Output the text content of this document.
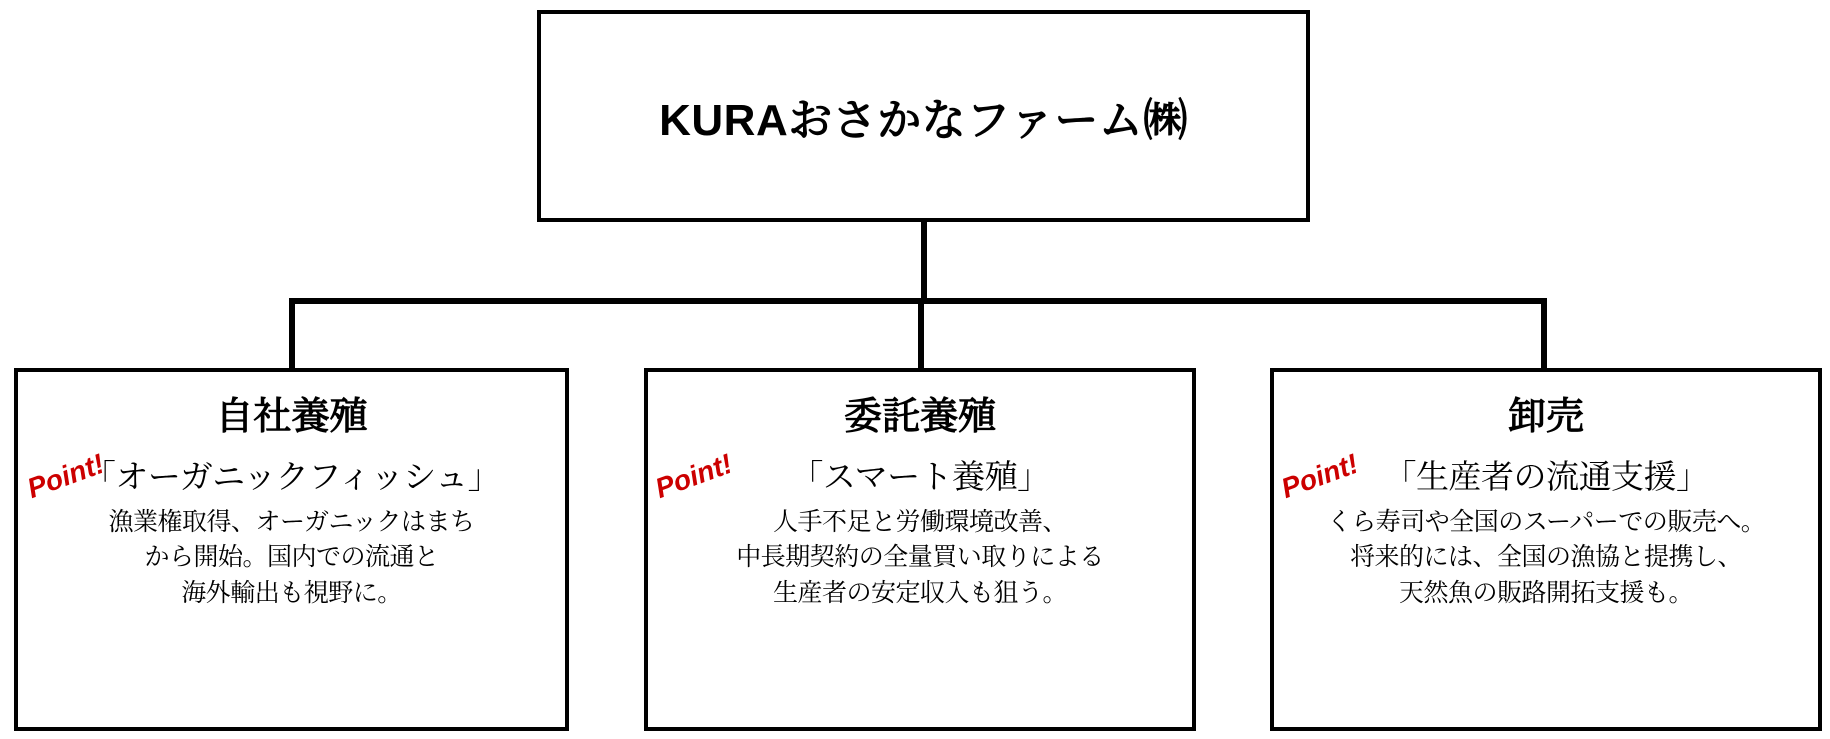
KURAおさかなファーム㈱
自社養殖
「オーガニックフィッシュ」
漁業権取得、オーガニックはまち
から開始。国内での流通と
海外輸出も視野に。
委託養殖
「スマート養殖」
人手不足と労働環境改善、
中長期契約の全量買い取りによる
生産者の安定収入も狙う。
卸売
「生産者の流通支援」
くら寿司や全国のスーパーでの販売へ。
将来的には、全国の漁協と提携し、
天然魚の販路開拓支援も。
Point!	Point!	Point!
